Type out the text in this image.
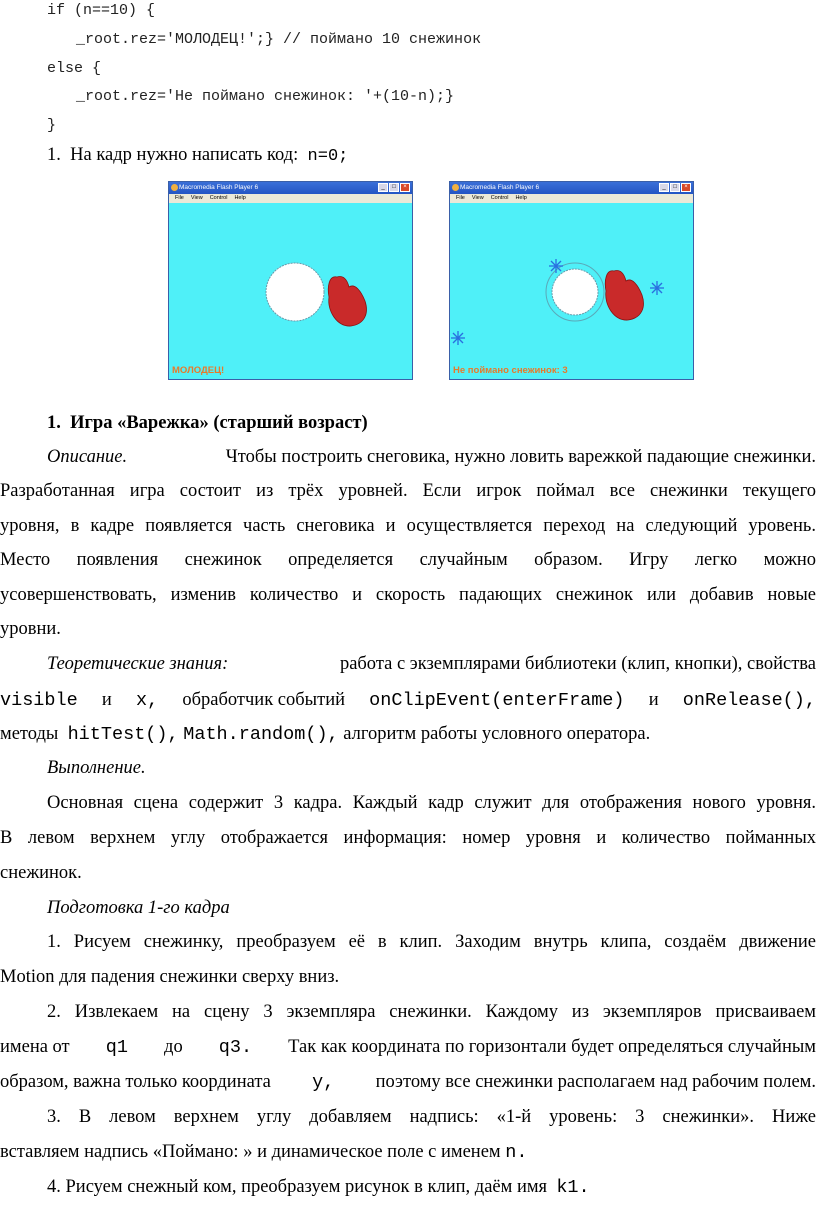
if (n==10) {
_root.rez='МОЛОДЕЦ!';} // поймано 10 снежинок
else {
_root.rez='Не поймано снежинок: '+(10-n);}
}
1. На кадр нужно написать код: n=0;
Macromedia Flash Player 6	_	□	×
File View Control Help
МОЛОДЕЦ!
Macromedia Flash Player 6	_	□	×
File View Control Help
Не поймано снежинок: 3
1. Игра «Варежка» (старший возраст)
Описание.	Чтобы построить снеговика, нужно ловить варежкой падающие снежинки.
Разработанная игра состоит из трёх уровней. Если игрок поймал все снежинки текущего
уровня, в кадре появляется часть снеговика и осуществляется переход на следующий уровень.
Место появления снежинок определяется случайным образом. Игру легко можно
усовершенствовать, изменив количество и скорость падающих снежинок или добавив новые
уровни.
Теоретические знания:	работа с экземплярами библиотеки (клип, кнопки), свойства
visible и x, обработчик событий onClipEvent(enterFrame) и onRelease(),
методы hitTest(), Math.random(), алгоритм работы условного оператора.
Выполнение.
Основная сцена содержит 3 кадра. Каждый кадр служит для отображения нового уровня.
В левом верхнем углу отображается информация: номер уровня и количество пойманных
снежинок.
Подготовка 1-го кадра
1. Рисуем снежинку, преобразуем её в клип. Заходим внутрь клипа, создаём движение
Motion для падения снежинки сверху вниз.
2. Извлекаем на сцену 3 экземпляра снежинки. Каждому из экземпляров присваиваем
имена от q1 до q3. Так как координата по горизонтали будет определяться случайным
образом, важна только координата y, поэтому все снежинки располагаем над рабочим полем.
3. В левом верхнем углу добавляем надпись: «1-й уровень: 3 снежинки». Ниже
вставляем надпись «Поймано: » и динамическое поле с именем n.
4. Рисуем снежный ком, преобразуем рисунок в клип, даём имя k1.
